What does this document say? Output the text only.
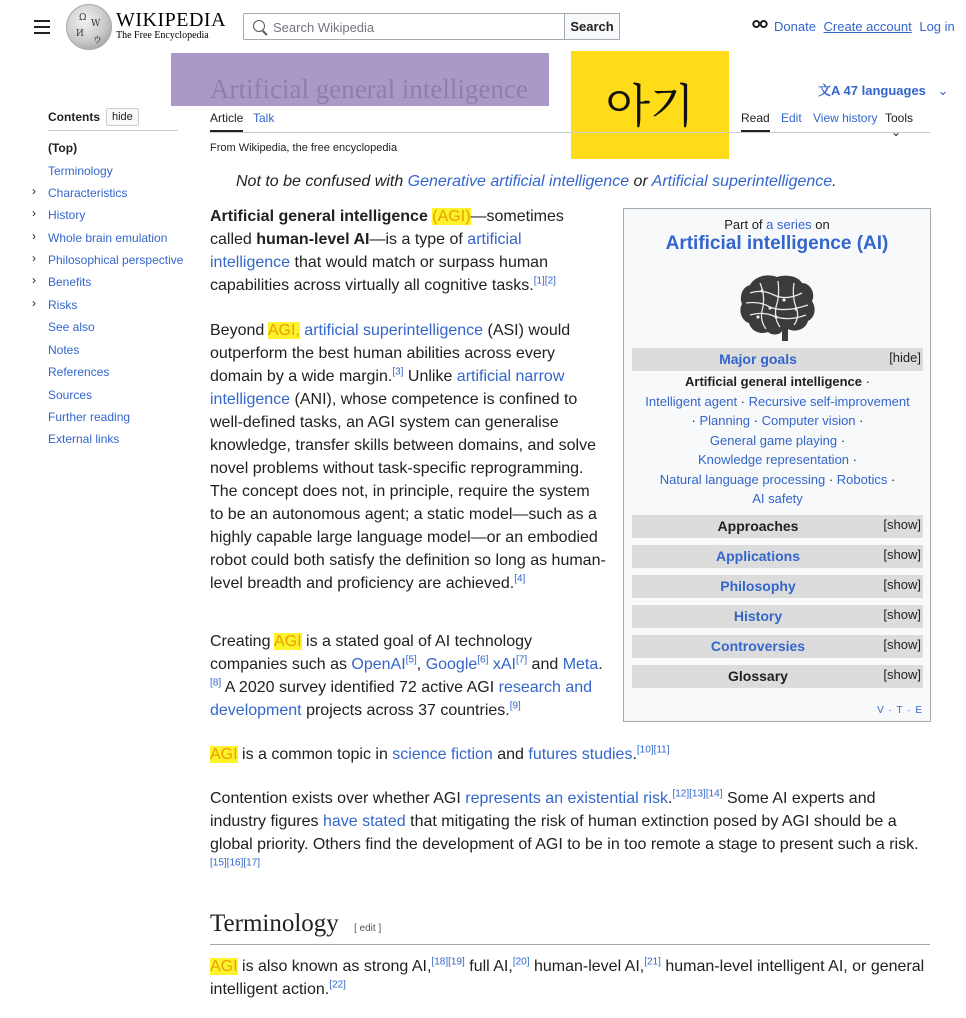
Ω
W
И
ウ
WIKIPEDIA
The Free Encyclopedia
Search Wikipedia	Search	Donate Create account Log in
아기	文A 47 languages ⌄
Article Talk	Read Edit View history Tools ⌄
From Wikipedia, the free encyclopedia
Contents	hide
(Top)
Terminology
› Characteristics
› History
› Whole brain emulation
› Philosophical perspective
› Benefits
› Risks
See also
Notes
References
Sources
Further reading
External links
Not to be confused with Generative artificial intelligence or Artificial superintelligence.
Artificial general intelligence (AGI)—sometimes called human-level AI—is a type of artificial intelligence that would match or surpass human capabilities across virtually all cognitive tasks.[1][2]
Beyond AGI, artificial superintelligence (ASI) would outperform the best human abilities across every domain by a wide margin.[3] Unlike artificial narrow intelligence (ANI), whose competence is confined to well-defined tasks, an AGI system can generalise knowledge, transfer skills between domains, and solve novel problems without task-specific reprogramming. The concept does not, in principle, require the system to be an autonomous agent; a static model—such as a highly capable large language model—or an embodied robot could both satisfy the definition so long as human-level breadth and proficiency are achieved.[4]
Creating AGI is a stated goal of AI technology companies such as OpenAI[5], Google[6] xAI[7] and Meta.[8] A 2020 survey identified 72 active AGI research and development projects across 37 countries.[9]
AGI is a common topic in science fiction and futures studies.[10][11]
Contention exists over whether AGI represents an existential risk.[12][13][14] Some AI experts and industry figures have stated that mitigating the risk of human extinction posed by AGI should be a global priority. Others find the development of AGI to be in too remote a stage to present such a risk.[15][16][17]
Terminology [ edit ]
AGI is also known as strong AI,[18][19] full AI,[20] human-level AI,[21] human-level intelligent AI, or general intelligent action.[22]
Part of a series on
Artificial intelligence (AI)
Major goals	[hide]
Artificial general intelligence ·
Intelligent agent · Recursive self-improvement
· Planning · Computer vision ·
General game playing ·
Knowledge representation ·
Natural language processing · Robotics ·
AI safety
Approaches	[show]
Applications	[show]
Philosophy	[show]
History	[show]
Controversies	[show]
Glossary	[show]
V · T · E
